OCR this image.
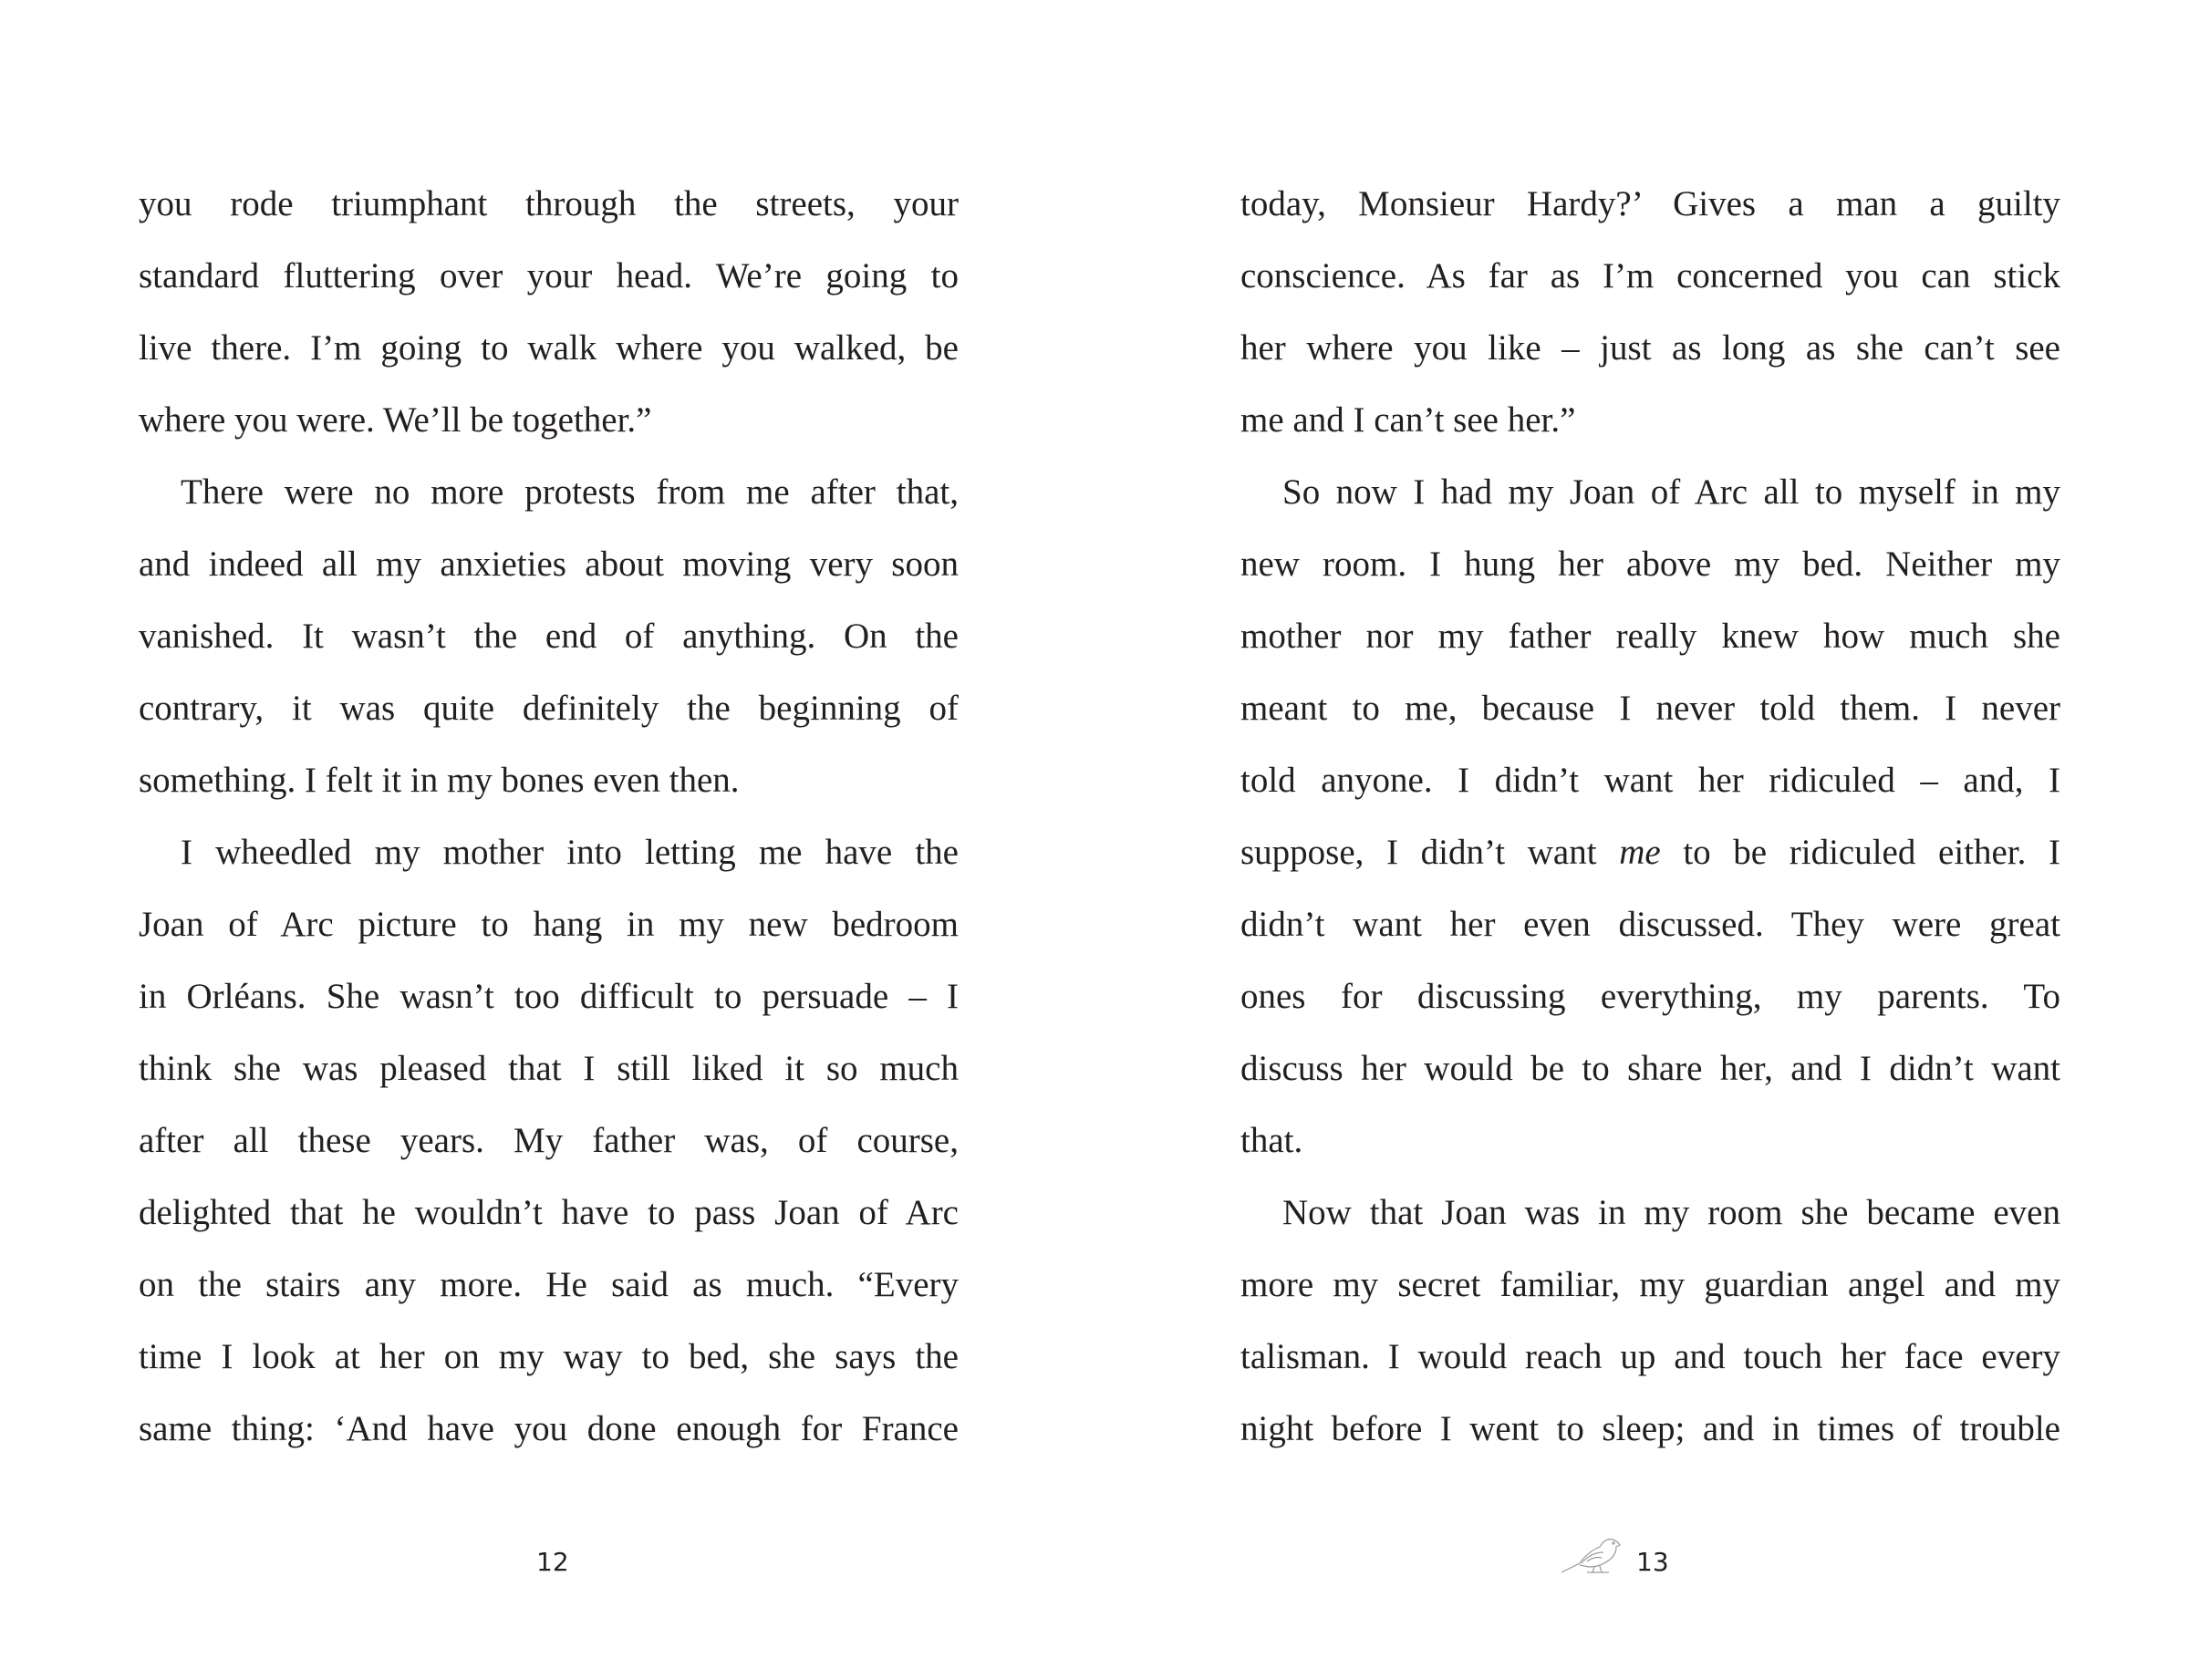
you rode triumphant through the streets, your
standard fluttering over your head. We’re going to
live there. I’m going to walk where you walked, be
where you were. We’ll be together.”
There were no more protests from me after that,
and indeed all my anxieties about moving very soon
vanished. It wasn’t the end of anything. On the
contrary, it was quite definitely the beginning of
something. I felt it in my bones even then.
I wheedled my mother into letting me have the
Joan of Arc picture to hang in my new bedroom
in Orléans. She wasn’t too difficult to persuade – I
think she was pleased that I still liked it so much
after all these years. My father was, of course,
delighted that he wouldn’t have to pass Joan of Arc
on the stairs any more. He said as much. “Every
time I look at her on my way to bed, she says the
same thing: ‘And have you done enough for France
12
today, Monsieur Hardy?’ Gives a man a guilty
conscience. As far as I’m concerned you can stick
her where you like – just as long as she can’t see
me and I can’t see her.”
So now I had my Joan of Arc all to myself in my
new room. I hung her above my bed. Neither my
mother nor my father really knew how much she
meant to me, because I never told them. I never
told anyone. I didn’t want her ridiculed – and, I
suppose, I didn’t want me to be ridiculed either. I
didn’t want her even discussed. They were great
ones for discussing everything, my parents. To
discuss her would be to share her, and I didn’t want
that.
Now that Joan was in my room she became even
more my secret familiar, my guardian angel and my
talisman. I would reach up and touch her face every
night before I went to sleep; and in times of trouble
13
